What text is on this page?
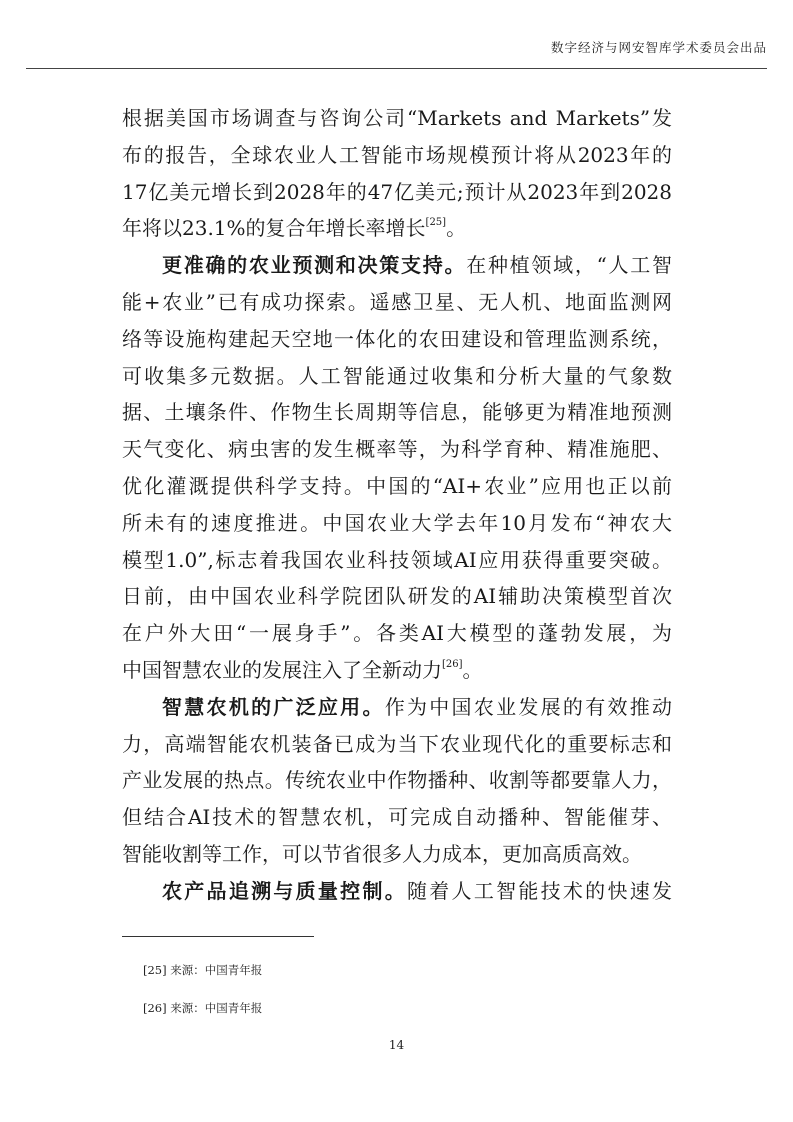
数字经济与网安智库学术委员会出品
根据美国市场调查与咨询公司“Markets and Markets”发
布的报告，全球农业人工智能市场规模预计将从2023年的
17亿美元增长到2028年的47亿美元;预计从2023年到2028
年将以23.1%的复合年增长率增长[25]。
更准确的农业预测和决策支持。在种植领域，“人工智
能+农业”已有成功探索。遥感卫星、无人机、地面监测网
络等设施构建起天空地一体化的农田建设和管理监测系统，
可收集多元数据。人工智能通过收集和分析大量的气象数
据、土壤条件、作物生长周期等信息，能够更为精准地预测
天气变化、病虫害的发生概率等，为科学育种、精准施肥、
优化灌溉提供科学支持。中国的“AI+农业”应用也正以前
所未有的速度推进。中国农业大学去年10月发布“神农大
模型1.0”,标志着我国农业科技领域AI应用获得重要突破。
日前，由中国农业科学院团队研发的AI辅助决策模型首次
在户外大田“一展身手”。各类AI大模型的蓬勃发展，为
中国智慧农业的发展注入了全新动力[26]。
智慧农机的广泛应用。作为中国农业发展的有效推动
力，高端智能农机装备已成为当下农业现代化的重要标志和
产业发展的热点。传统农业中作物播种、收割等都要靠人力，
但结合AI技术的智慧农机，可完成自动播种、智能催芽、
智能收割等工作，可以节省很多人力成本，更加高质高效。
农产品追溯与质量控制。随着人工智能技术的快速发
[25] 来源：中国青年报
[26] 来源：中国青年报
14
